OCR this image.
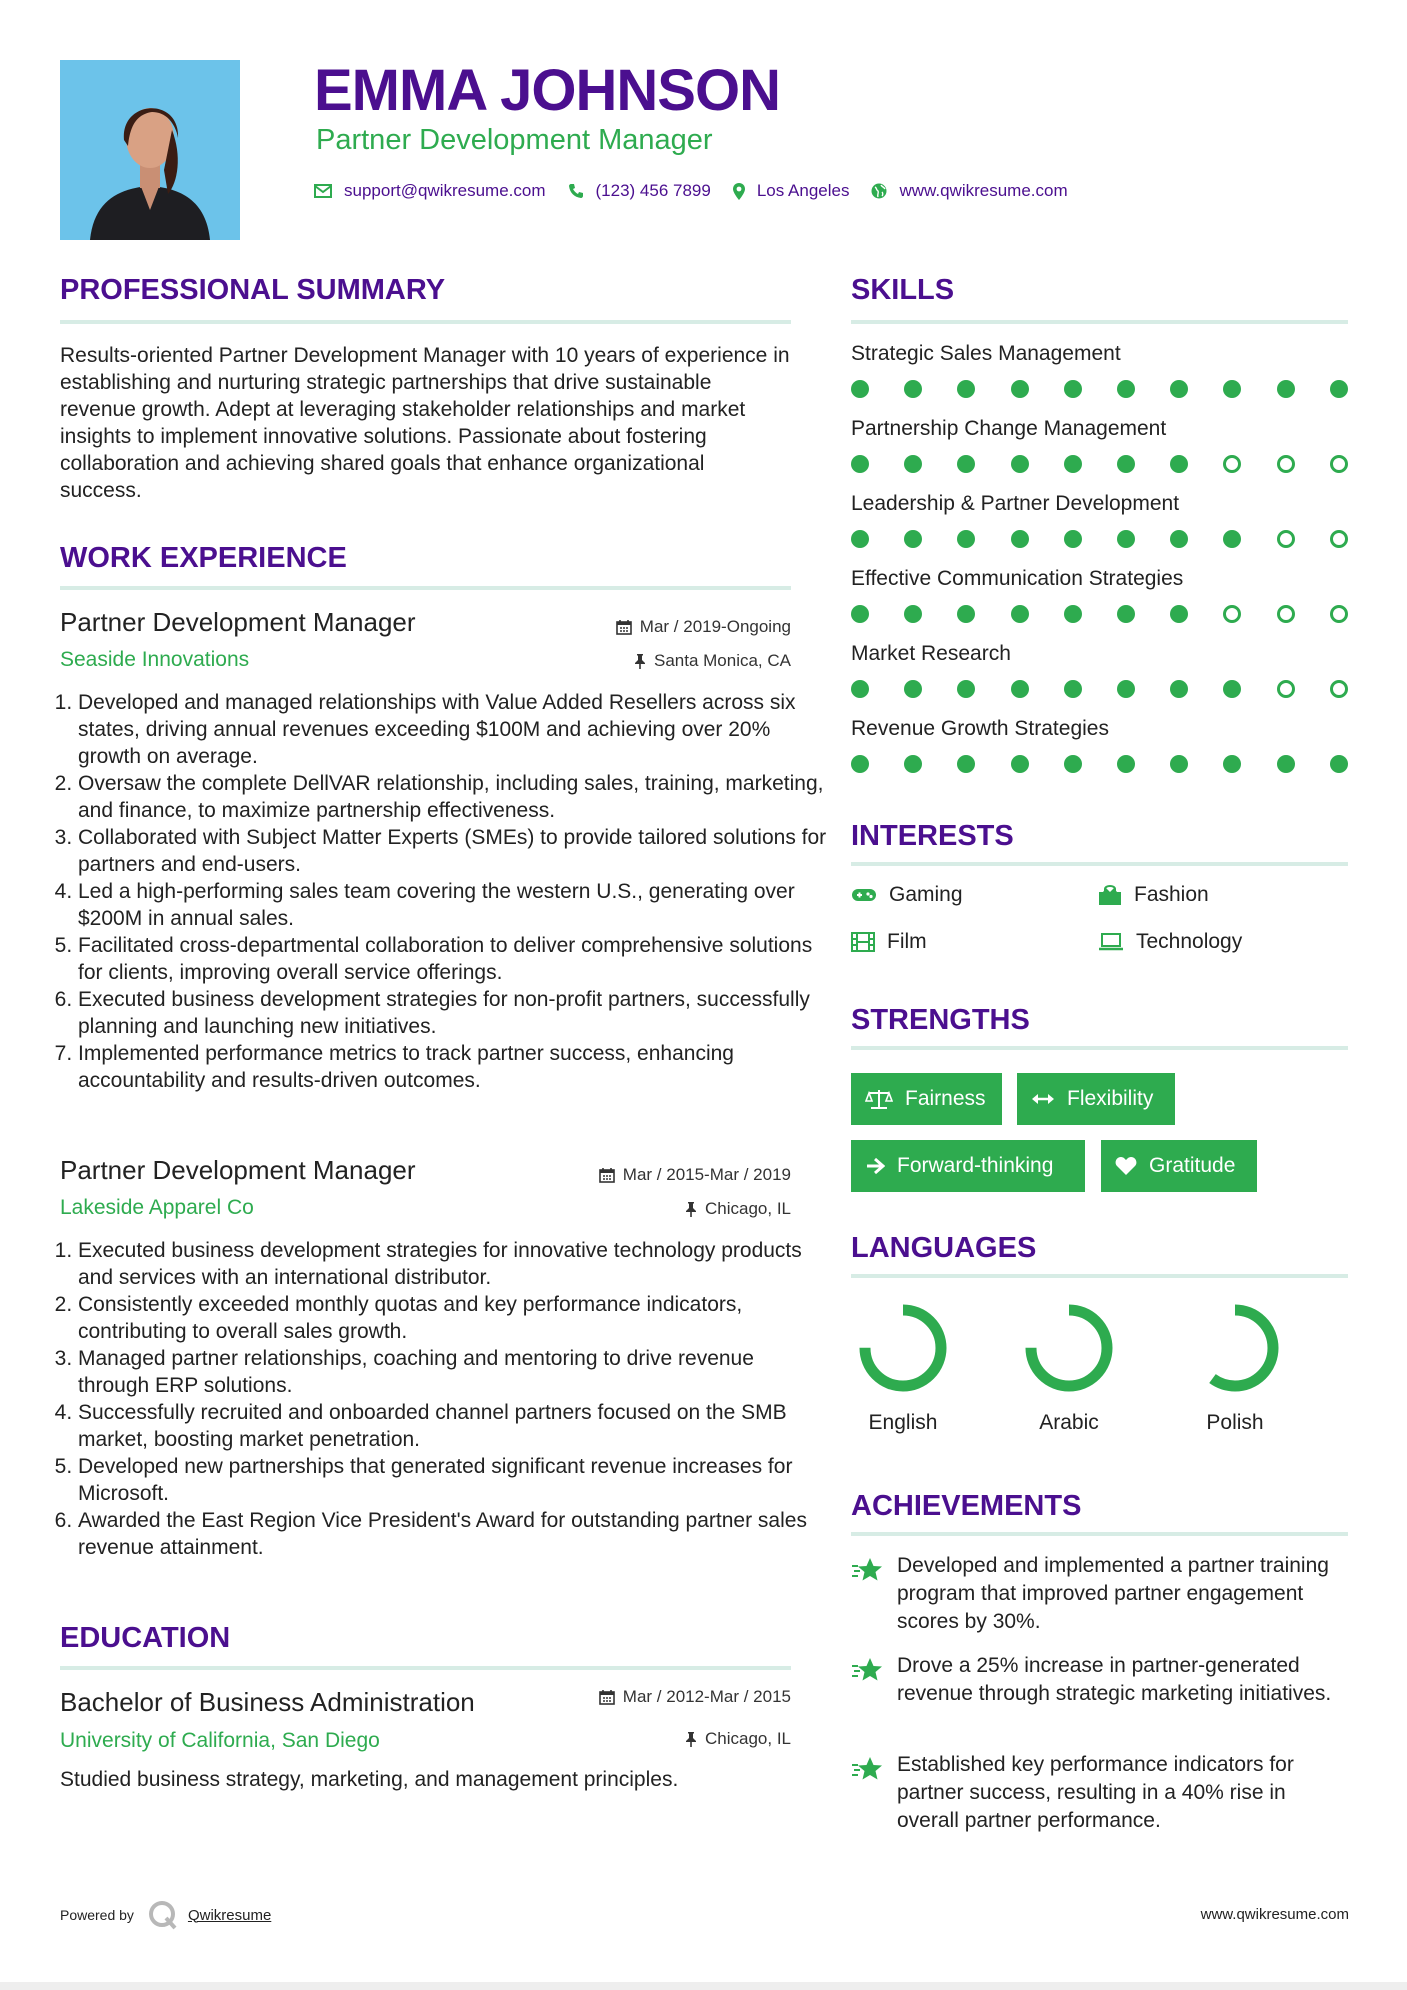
EMMA JOHNSON
Partner Development Manager
support@qwikresume.com	(123) 456 7899	Los Angeles	www.qwikresume.com
PROFESSIONAL SUMMARY
Results-oriented Partner Development Manager with 10 years of experience in establishing and nurturing strategic partnerships that drive sustainable revenue growth. Adept at leveraging stakeholder relationships and market insights to implement innovative solutions. Passionate about fostering collaboration and achieving shared goals that enhance organizational success.
WORK EXPERIENCE
Partner Development Manager	Mar / 2019-Ongoing
Seaside Innovations	Santa Monica, CA
1. Developed and managed relationships with Value Added Resellers across six states, driving annual revenues exceeding $100M and achieving over 20% growth on average.
2. Oversaw the complete DellVAR relationship, including sales, training, marketing, and finance, to maximize partnership effectiveness.
3. Collaborated with Subject Matter Experts (SMEs) to provide tailored solutions for partners and end-users.
4. Led a high-performing sales team covering the western U.S., generating over $200M in annual sales.
5. Facilitated cross-departmental collaboration to deliver comprehensive solutions for clients, improving overall service offerings.
6. Executed business development strategies for non-profit partners, successfully planning and launching new initiatives.
7. Implemented performance metrics to track partner success, enhancing accountability and results-driven outcomes.
Partner Development Manager	Mar / 2015-Mar / 2019
Lakeside Apparel Co	Chicago, IL
1. Executed business development strategies for innovative technology products and services with an international distributor.
2. Consistently exceeded monthly quotas and key performance indicators, contributing to overall sales growth.
3. Managed partner relationships, coaching and mentoring to drive revenue through ERP solutions.
4. Successfully recruited and onboarded channel partners focused on the SMB market, boosting market penetration.
5. Developed new partnerships that generated significant revenue increases for Microsoft.
6. Awarded the East Region Vice President's Award for outstanding partner sales revenue attainment.
EDUCATION
Bachelor of Business Administration	Mar / 2012-Mar / 2015
University of California, San Diego	Chicago, IL
Studied business strategy, marketing, and management principles.
SKILLS
Strategic Sales Management
Partnership Change Management
Leadership & Partner Development
Effective Communication Strategies
Market Research
Revenue Growth Strategies
INTERESTS
Gaming	Fashion
Film	Technology
STRENGTHS
Fairness	Flexibility
Forward-thinking	Gratitude
LANGUAGES
English	Arabic	Polish
ACHIEVEMENTS
Developed and implemented a partner training program that improved partner engagement scores by 30%.
Drove a 25% increase in partner-generated revenue through strategic marketing initiatives.
Established key performance indicators for partner success, resulting in a 40% rise in overall partner performance.
Powered by	Qwikresume	www.qwikresume.com
